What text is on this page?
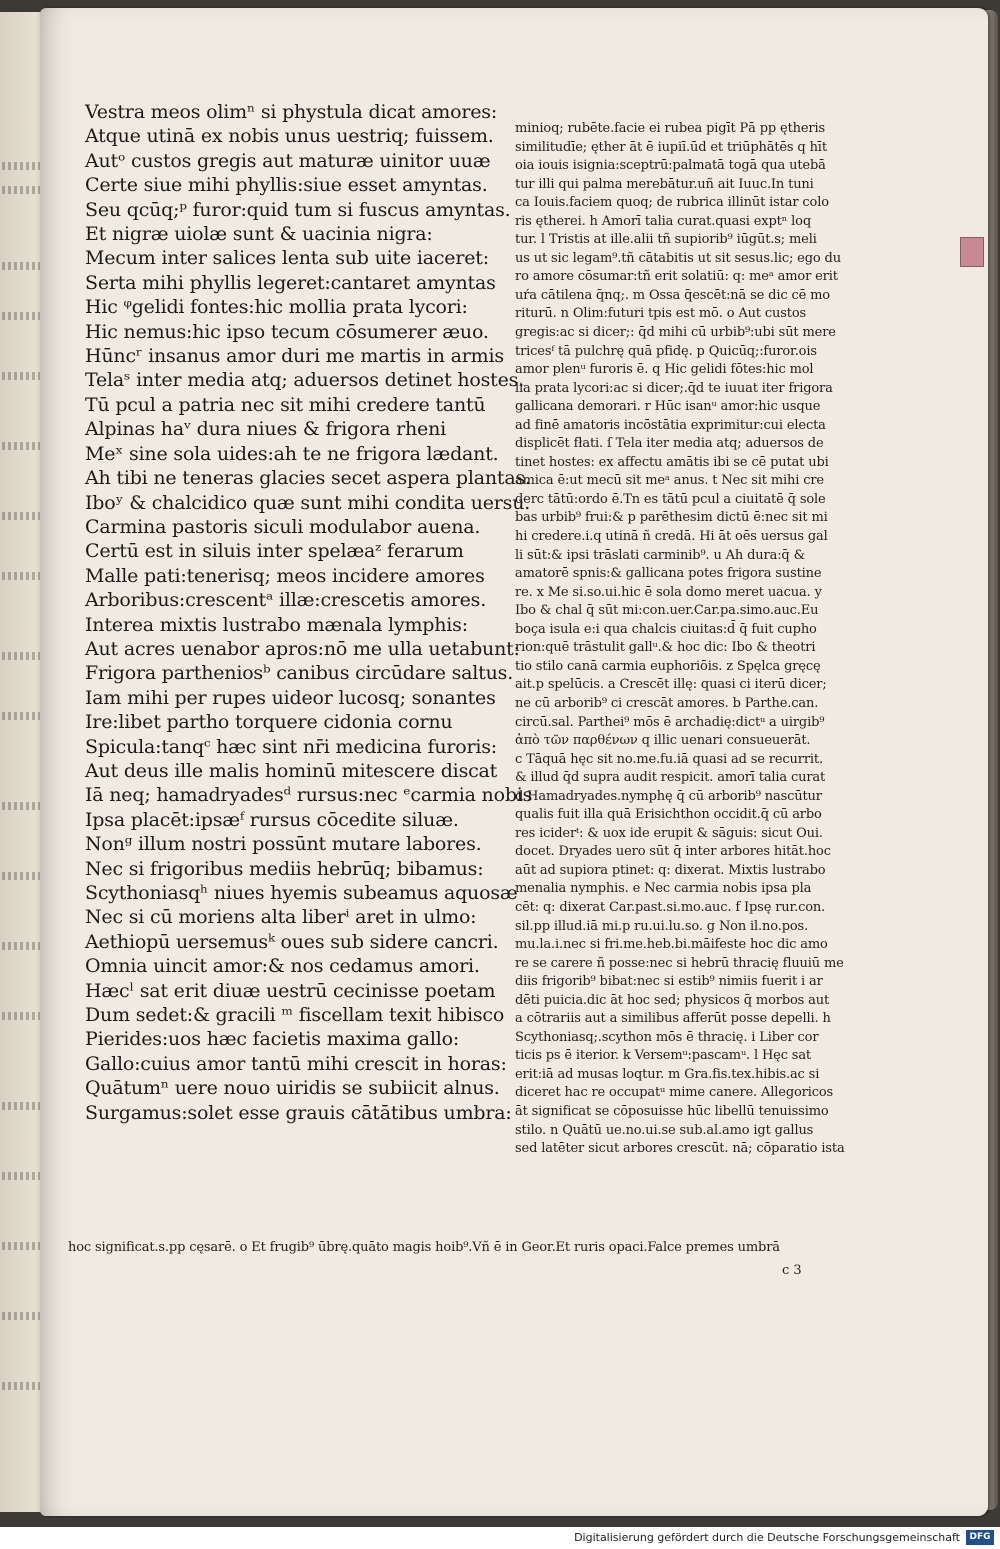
Vestra meos olimⁿ si phystula dicat amores:
Atque utinā ex nobis unus uestriq; fuissem.
Autᵒ custos gregis aut maturæ uinitor uuæ
Certe siue mihi phyllis:siue esset amyntas.
Seu qcūq;ᵖ furor:quid tum si fuscus amyntas.
Et nigræ uiolæ sunt & uacinia nigra:
Mecum inter salices lenta sub uite iaceret:
Serta mihi phyllis legeret:cantaret amyntas
Hic ᵠgelidi fontes:hic mollia prata lycori:
Hic nemus:hic ipso tecum cōsumerer æuo.
Hūncʳ insanus amor duri me martis in armis
Telaˢ inter media atq; aduersos detinet hostes.
Tū pcul a patria nec sit mihi credere tantū
Alpinas haᵛ dura niues & frigora rheni
Meˣ sine sola uides:ah te ne frigora lædant.
Ah tibi ne teneras glacies secet aspera plantas.
Iboʸ & chalcidico quæ sunt mihi condita uersu.
Carmina pastoris siculi modulabor auena.
Certū est in siluis inter spelæaᶻ ferarum
Malle pati:tenerisq; meos incidere amores
Arboribus:crescentᵃ illæ:crescetis amores.
Interea mixtis lustrabo mænala lymphis:
Aut acres uenabor apros:nō me ulla uetabunt:
Frigora partheniosᵇ canibus circūdare saltus.
Iam mihi per rupes uideor lucosq; sonantes
Ire:libet partho torquere cidonia cornu
Spicula:tanqᶜ hæc sint nr̄i medicina furoris:
Aut deus ille malis hominū mitescere discat
Iā neq; hamadryadesᵈ rursus:nec ᵉcarmia nobis
Ipsa placēt:ipsæᶠ rursus cōcedite siluæ.
Nonᵍ illum nostri possūnt mutare labores.
Nec si frigoribus mediis hebrūq; bibamus:
Scythoniasqʰ niues hyemis subeamus aquosæ
Nec si cū moriens alta liberⁱ aret in ulmo:
Aethiopū uersemusᵏ oues sub sidere cancri.
Omnia uincit amor:& nos cedamus amori.
Hæcˡ sat erit diuæ uestrū cecinisse poetam
Dum sedet:& gracili ᵐ fiscellam texit hibisco
Pierides:uos hæc facietis maxima gallo:
Gallo:cuius amor tantū mihi crescit in horas:
Quātumⁿ uere nouo uiridis se subiicit alnus.
Surgamus:solet esse grauis cātātibus umbra:
minioq; rubēte.facie ei rubea pigīt Pā pp ętheris
similitudīe; ęther āt ē iupiī.ūd et triūphātēs q hīt
oia iouis isignia:sceptrū:palmatā togā qua utebā
tur illi qui palma merebātur.uñ ait Iuuc.In tuni
ca Iouis.faciem quoq; de rubrica illinūt istar colo
ris ętherei. h Amorī talia curat.quasi exptⁿ loq
tur. l Tristis at ille.alii tñ supiorib⁹ iūgūt.s; meli
us ut sic legam⁹.tñ cātabitis ut sit sesus.lic; ego du
ro amore cōsumar:tñ erit solatiū: q: meᵃ amor erit
uŕa cātilena q̄nq;. m Ossa q̄escēt:nā se dic cē mo
riturū. n Olim:futuri tpis est mō. o Aut custos
gregis:ac si dicer;: q̄d mihi cū urbib⁹:ubi sūt mere
tricesᶠ tā pulchrę quā pfidę. p Quicūq;:furor.ois
amor plenᵘ furoris ē. q Hic gelidi fōtes:hic mol
lia prata lycori:ac si dicer;.q̄d te iuuat iter frigora
gallicana demorari. r Hūc isanᵘ amor:hic usque
ad finē amatoris incōstātia exprimitur:cui electa
displicēt fłati. ſ Tela iter media atq; aduersos de
tinet hostes: ex affectu amātis ibi se cē putat ubi
amica ē:ut mecū sit meᵃ anus. t Nec sit mihi cre
derc tātū:ordo ē.Tn es tātū pcul a ciuitatē q̄ sole
bas urbib⁹ frui:& p parēthesim dictū ē:nec sit mi
hi credere.i.q utinā ñ credā. Hi āt oēs uersus gal
li sūt:& ipsi trāslati carminib⁹. u Ah dura:q̄ &
amatorē spnis:& gallicana potes frigora sustine
re. x Me si.so.ui.hic ē sola domo meret uacua. y
Ibo & chal q̄ sūt mi:con.uer.Car.pa.simo.auc.Eu
boça isula e:i qua chalcis ciuitas:d̄ q̄ fuit cupho
rion:quē trāstulit gallᵘ.& hoc dic: Ibo & theotri
tio stilo canā carmia euphoriōis. z Spęlca gręcę
ait.p spelūcis. a Crescēt illę: quasi ci iterū dicer;
ne cū arborib⁹ ci crescāt amores. b Parthe.can.
circū.sal. Parthei⁹ mōs ē archadię:dictᵘ a uirgib⁹
ἀπὸ τῶν παρθένων q illic uenari consueuerāt.
c Tāquā hęc sit no.me.fu.iā quasi ad se recurrit.
& illud q̄d supra audit respicit. amorī talia curat
d Hamadryades.nymphę q̄ cū arborib⁹ nascūtur
qualis fuit illa quā Erisichthon occidit.q̄ cū arbo
res iciderᵗ: & uox ide erupit & sāguis: sicut Oui.
docet. Dryades uero sūt q̄ inter arbores hitāt.hoc
aūt ad supiora ptinet: q: dixerat. Mixtis lustrabo
menalia nymphis. e Nec carmia nobis ipsa pla
cēt: q: dixerat Car.past.si.mo.auc. f Ipsę rur.con.
sil.pp illud.iā mi.p ru.ui.lu.so. g Non il.no.pos.
mu.la.i.nec si fri.me.heb.bi.māifeste hoc dic amo
re se carere ñ posse:nec si hebrū thracię fluuiū me
diis frigorib⁹ bibat:nec si estib⁹ nimiis fuerit i ar
dēti puicia.dic āt hoc sed; physicos q̄ morbos aut
a cōtrariis aut a similibus afferūt posse depelli. h
Scythoniasq;.scython mōs ē thracię. i Liber cor
ticis ps ē iterior. k Versemᵘ:pascamᵘ. l Hęc sat
erit:iā ad musas loqtur. m Gra.fis.tex.hibis.ac si
diceret hac re occupatᵘ mime canere. Allegoricos
āt significat se cōposuisse hūc libellū tenuissimo
stilo. n Quātū ue.no.ui.se sub.al.amo igt gallus
sed latēter sicut arbores crescūt. nā; cōparatio ista
hoc significat.s.pp cęsarē. o Et frugib⁹ ūbrę.quāto magis hoib⁹.Vñ ē in Geor.Et ruris opaci.Falce premes umbrā
c 3
Digitalisierung gefördert durch die Deutsche Forschungsgemeinschaft	DFG
